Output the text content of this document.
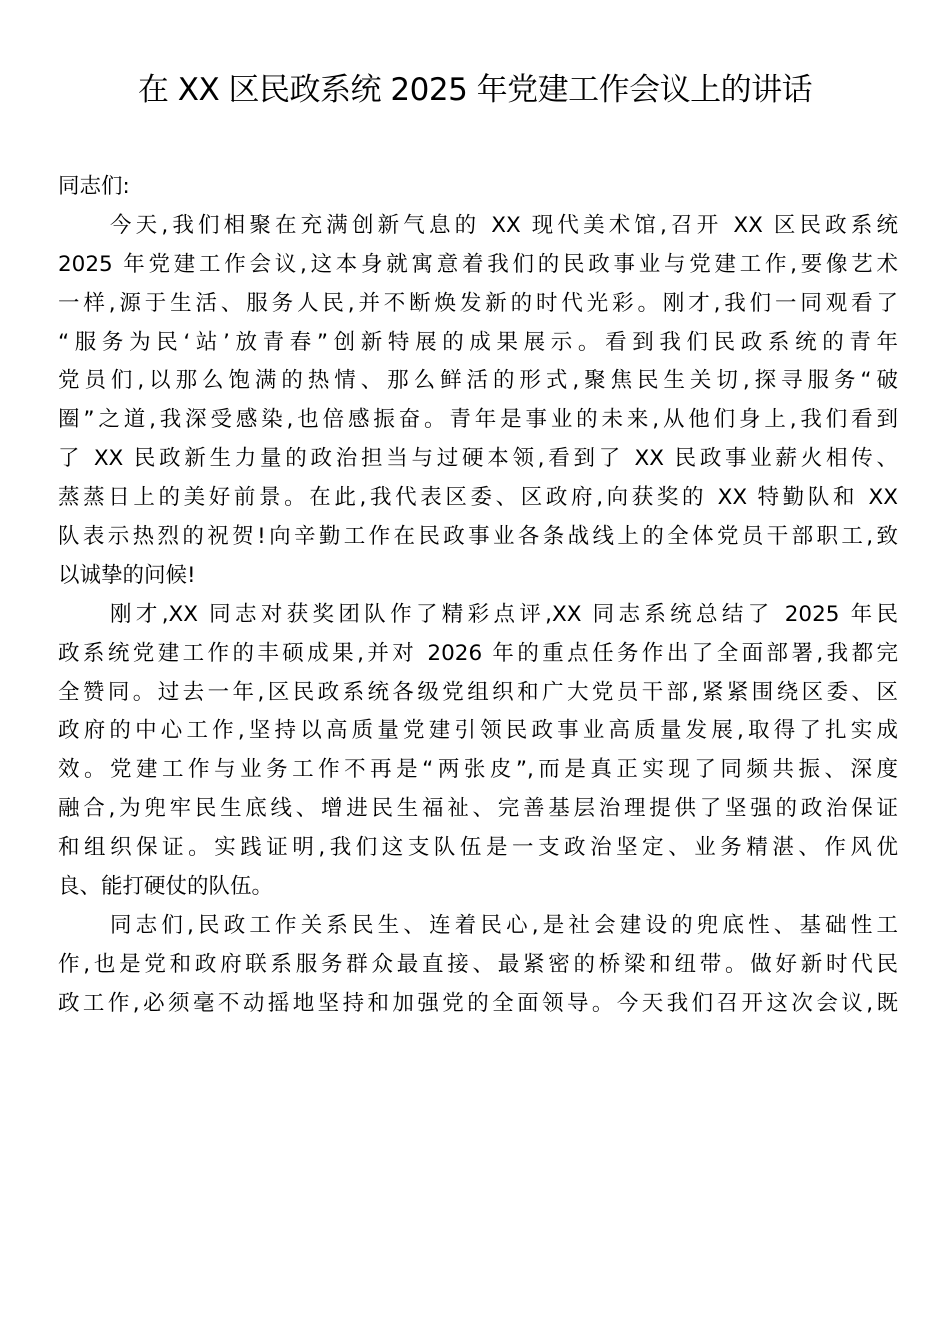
在 XX 区民政系统 2025 年党建工作会议上的讲话
同志们:
今天,我们相聚在充满创新气息的 XX 现代美术馆,召开 XX 区民政系统
2025 年党建工作会议,这本身就寓意着我们的民政事业与党建工作,要像艺术
一样,源于生活、服务人民,并不断焕发新的时代光彩。刚才,我们一同观看了
“服务为民‘站’放青春”创新特展的成果展示。看到我们民政系统的青年
党员们,以那么饱满的热情、那么鲜活的形式,聚焦民生关切,探寻服务“破
圈”之道,我深受感染,也倍感振奋。青年是事业的未来,从他们身上,我们看到
了 XX 民政新生力量的政治担当与过硬本领,看到了 XX 民政事业薪火相传、
蒸蒸日上的美好前景。在此,我代表区委、区政府,向获奖的 XX 特勤队和 XX
队表示热烈的祝贺!向辛勤工作在民政事业各条战线上的全体党员干部职工,致
以诚挚的问候!
刚才,XX 同志对获奖团队作了精彩点评,XX 同志系统总结了 2025 年民
政系统党建工作的丰硕成果,并对 2026 年的重点任务作出了全面部署,我都完
全赞同。过去一年,区民政系统各级党组织和广大党员干部,紧紧围绕区委、区
政府的中心工作,坚持以高质量党建引领民政事业高质量发展,取得了扎实成
效。党建工作与业务工作不再是“两张皮”,而是真正实现了同频共振、深度
融合,为兜牢民生底线、增进民生福祉、完善基层治理提供了坚强的政治保证
和组织保证。实践证明,我们这支队伍是一支政治坚定、业务精湛、作风优
良、能打硬仗的队伍。
同志们,民政工作关系民生、连着民心,是社会建设的兜底性、基础性工
作,也是党和政府联系服务群众最直接、最紧密的桥梁和纽带。做好新时代民
政工作,必须毫不动摇地坚持和加强党的全面领导。今天我们召开这次会议,既
